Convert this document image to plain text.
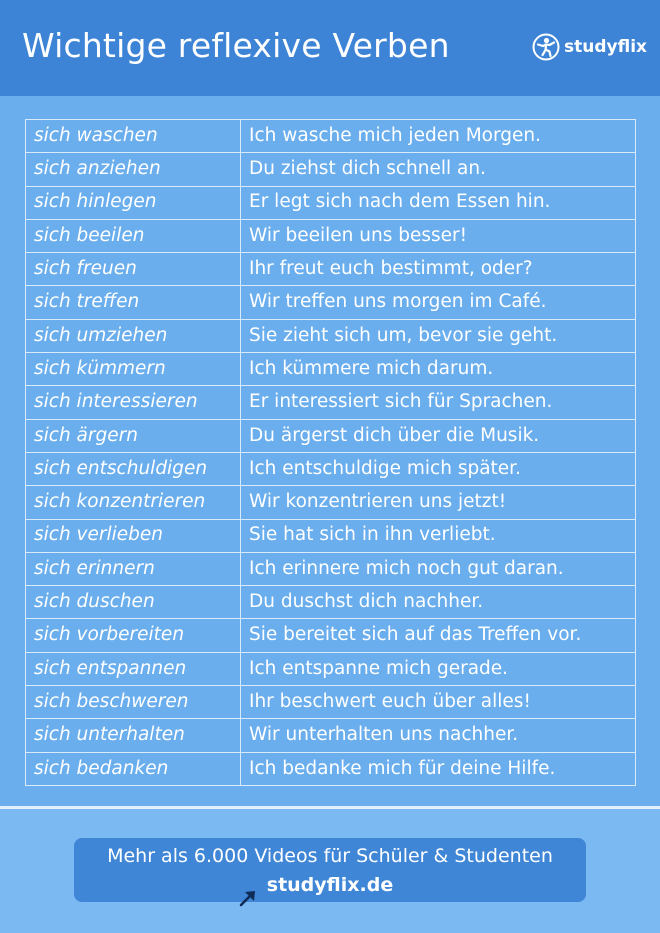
Wichtige reflexive Verben	studyflix
sich waschen	Ich wasche mich jeden Morgen.
sich anziehen	Du ziehst dich schnell an.
sich hinlegen	Er legt sich nach dem Essen hin.
sich beeilen	Wir beeilen uns besser!
sich freuen	Ihr freut euch bestimmt, oder?
sich treffen	Wir treffen uns morgen im Café.
sich umziehen	Sie zieht sich um, bevor sie geht.
sich kümmern	Ich kümmere mich darum.
sich interessieren	Er interessiert sich für Sprachen.
sich ärgern	Du ärgerst dich über die Musik.
sich entschuldigen	Ich entschuldige mich später.
sich konzentrieren	Wir konzentrieren uns jetzt!
sich verlieben	Sie hat sich in ihn verliebt.
sich erinnern	Ich erinnere mich noch gut daran.
sich duschen	Du duschst dich nachher.
sich vorbereiten	Sie bereitet sich auf das Treffen vor.
sich entspannen	Ich entspanne mich gerade.
sich beschweren	Ihr beschwert euch über alles!
sich unterhalten	Wir unterhalten uns nachher.
sich bedanken	Ich bedanke mich für deine Hilfe.
Mehr als 6.000 Videos für Schüler & Studenten
studyflix.de
